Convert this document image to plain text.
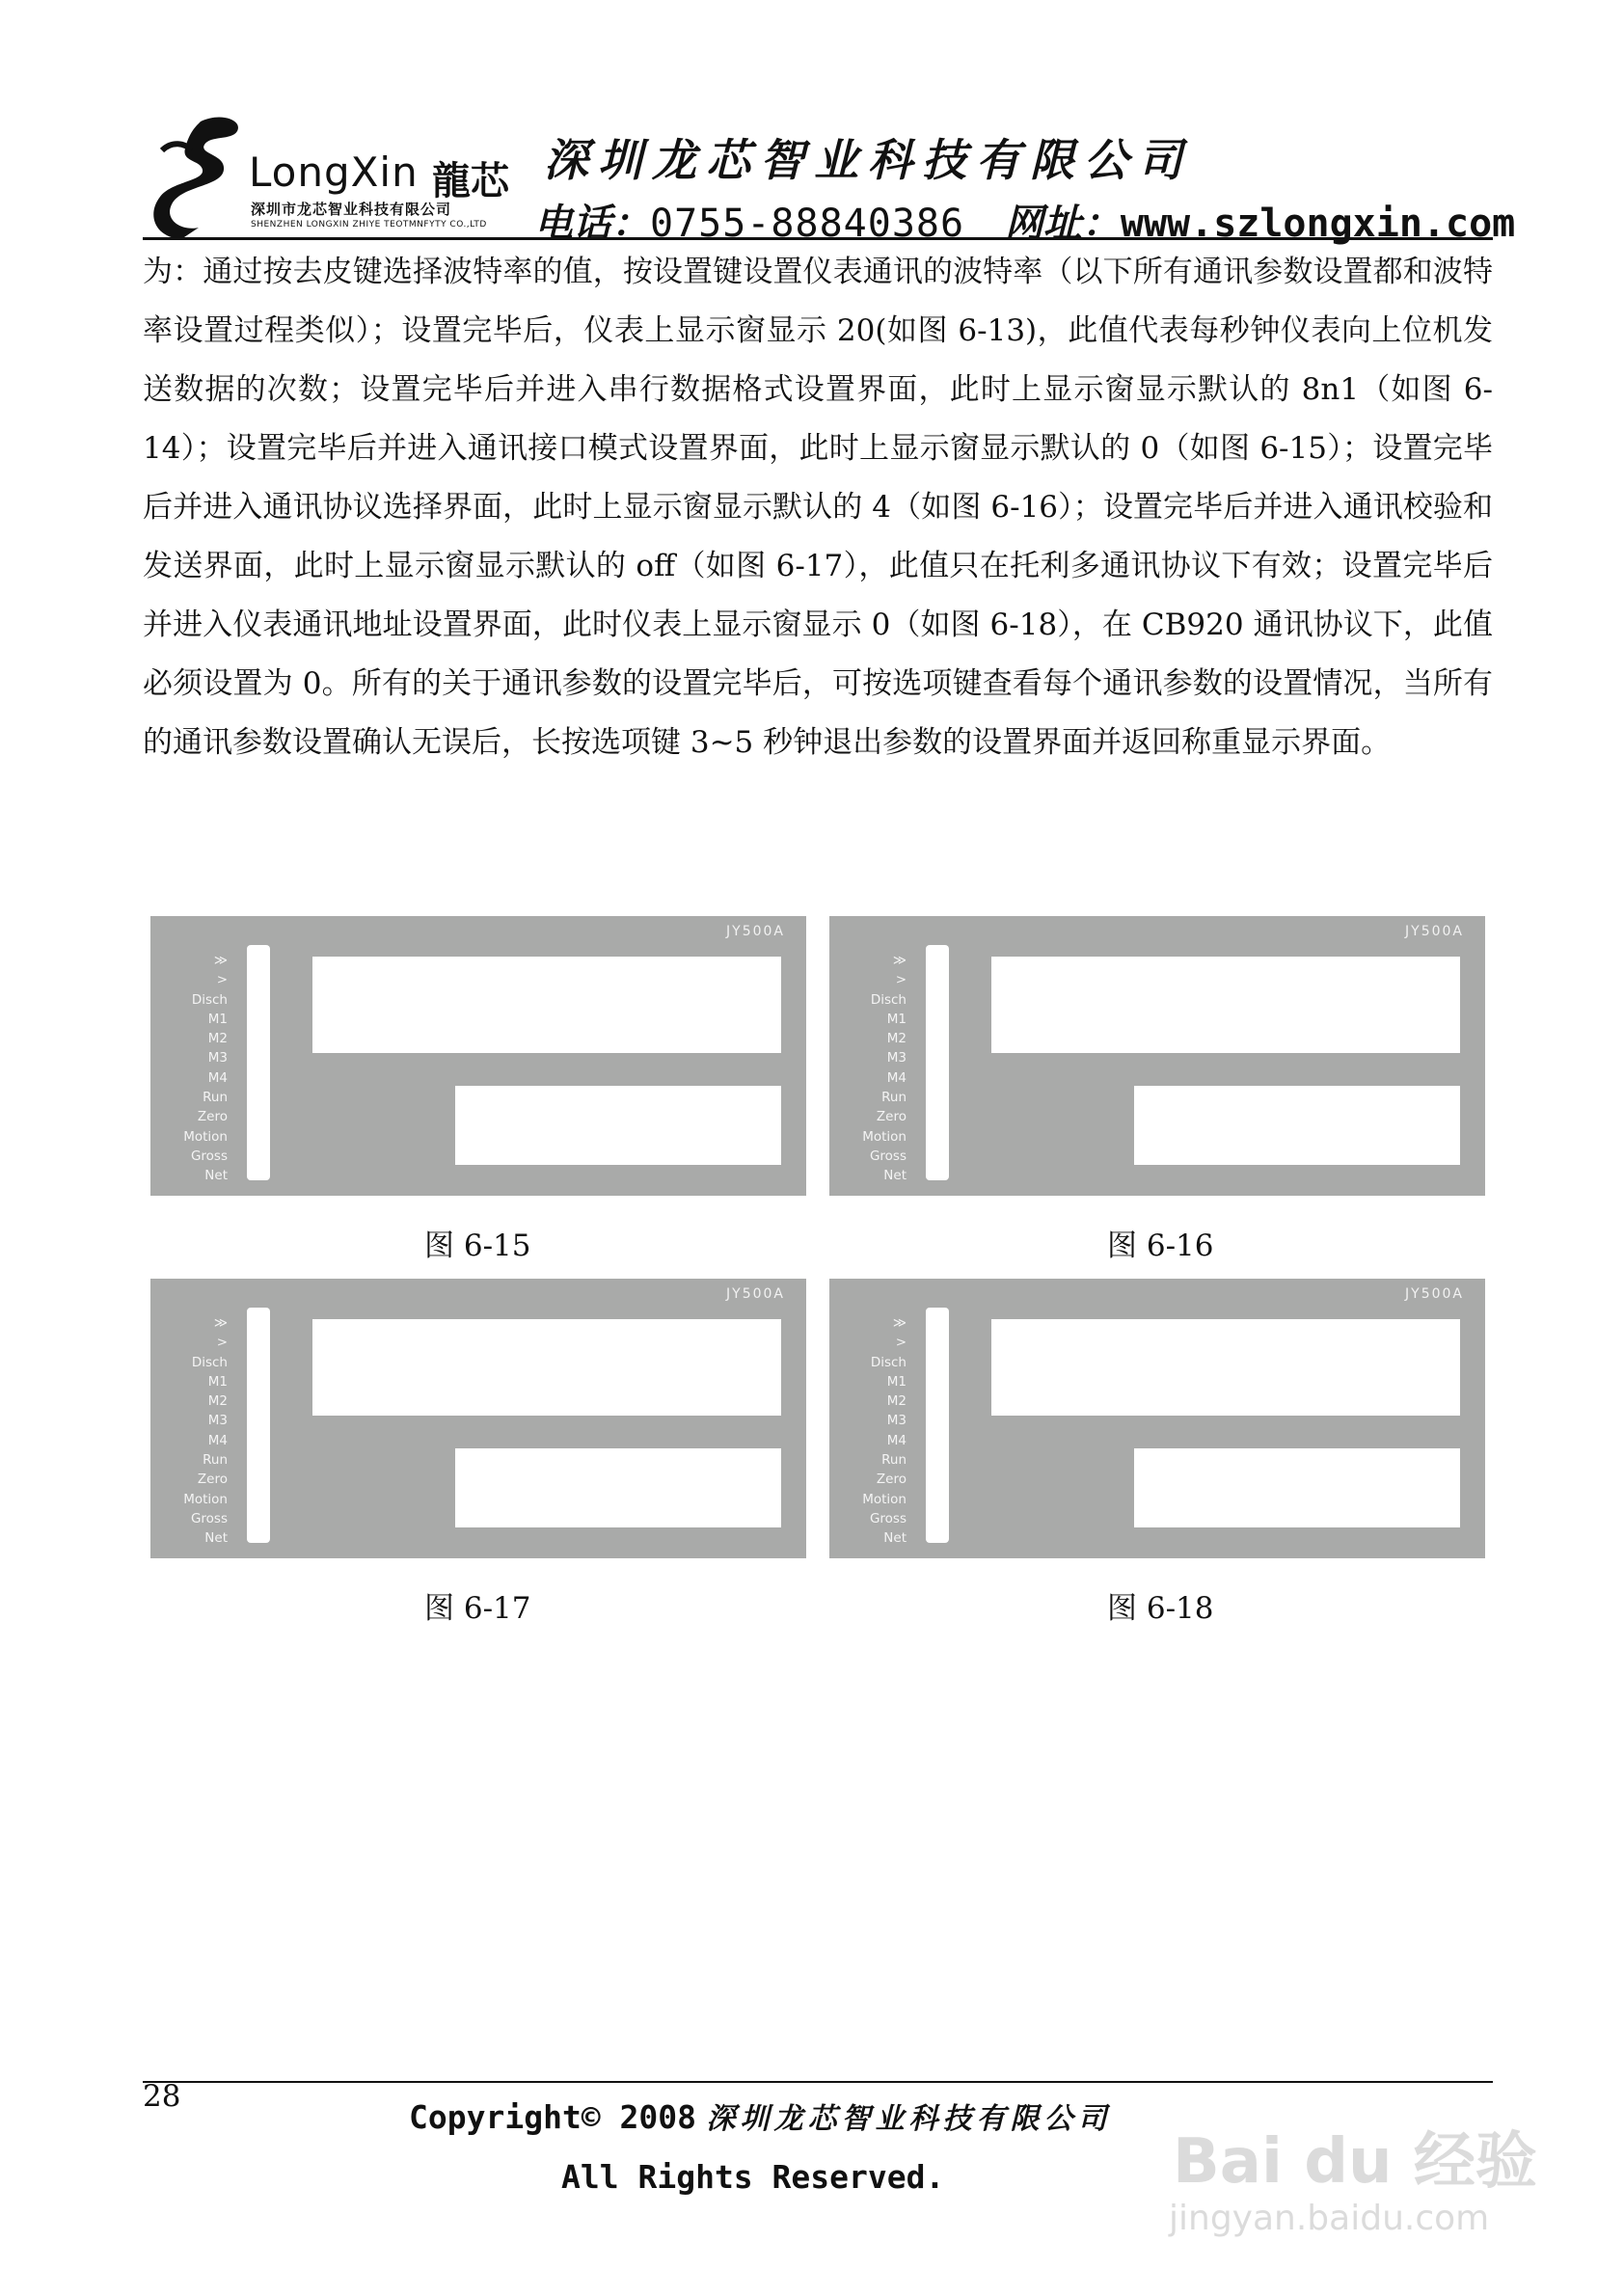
LongXin 龍芯
深圳市龙芯智业科技有限公司
SHENZHEN LONGXIN ZHIYE TEOTMNFYTY CO.,LTD
深圳龙芯智业科技有限公司
电话：0755-88840386 网址：www.szlongxin.com
为：通过按去皮键选择波特率的值，按设置键设置仪表通讯的波特率（以下所有通讯参数设置都和波特率设置过程类似）；设置完毕后，仪表上显示窗显示 20(如图 6-13)，此值代表每秒钟仪表向上位机发送数据的次数；设置完毕后并进入串行数据格式设置界面，此时上显示窗显示默认的 8n1（如图 6-14）；设置完毕后并进入通讯接口模式设置界面，此时上显示窗显示默认的 0（如图 6-15）；设置完毕后并进入通讯协议选择界面，此时上显示窗显示默认的 4（如图 6-16）；设置完毕后并进入通讯校验和发送界面，此时上显示窗显示默认的 off（如图 6-17），此值只在托利多通讯协议下有效；设置完毕后并进入仪表通讯地址设置界面，此时仪表上显示窗显示 0（如图 6-18），在 CB920 通讯协议下，此值必须设置为 0。所有的关于通讯参数的设置完毕后，可按选项键查看每个通讯参数的设置情况，当所有的通讯参数设置确认无误后，长按选项键 3~5 秒钟退出参数的设置界面并返回称重显示界面。
JY500A
≫
>
Disch
M1
M2
M3
M4
Run
Zero
Motion
Gross
Net
图 6-15
JY500A
≫
>
Disch
M1
M2
M3
M4
Run
Zero
Motion
Gross
Net
图 6-16
JY500A
≫
>
Disch
M1
M2
M3
M4
Run
Zero
Motion
Gross
Net
图 6-17
JY500A
≫
>
Disch
M1
M2
M3
M4
Run
Zero
Motion
Gross
Net
图 6-18
28
Copyright© 2008 深圳龙芯智业科技有限公司
All Rights Reserved.	Bai du 经验
jingyan.baidu.com
